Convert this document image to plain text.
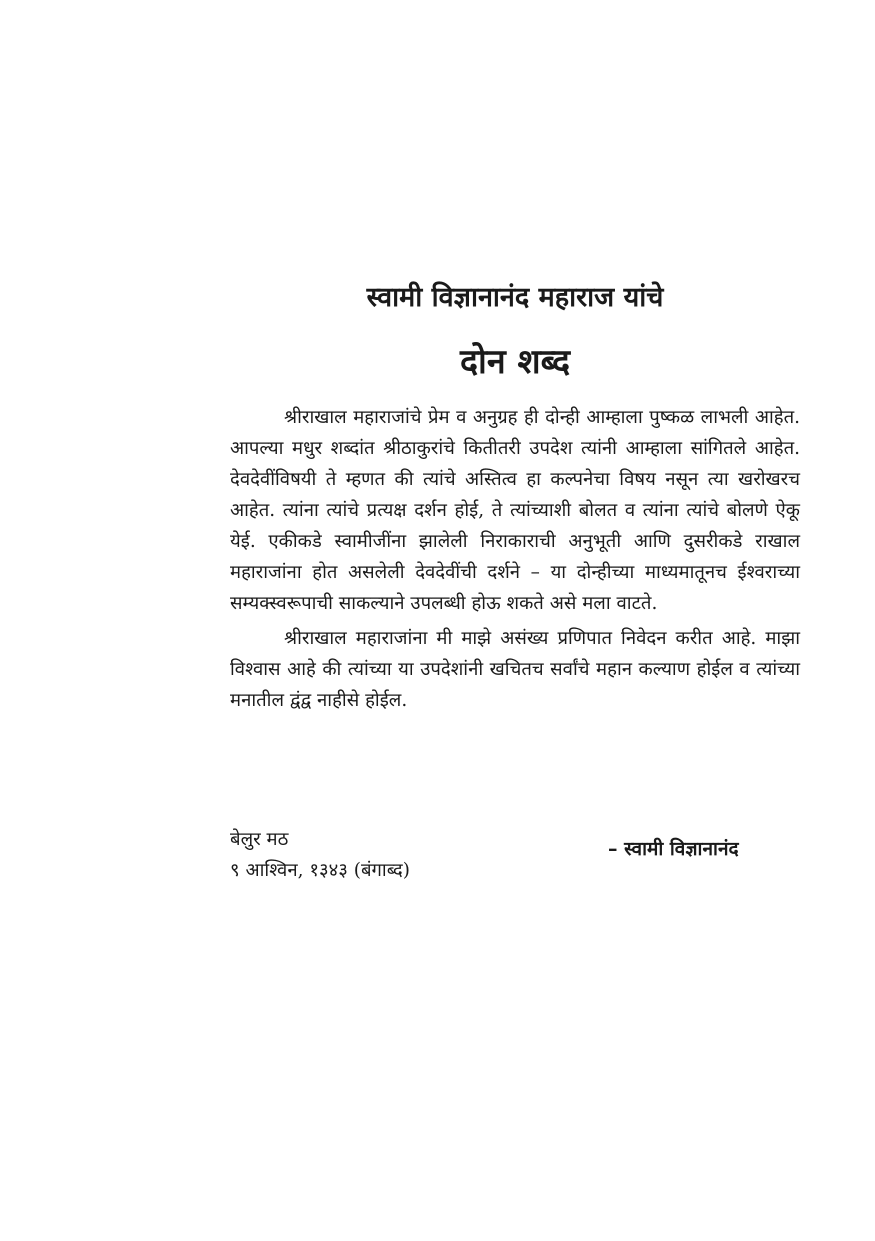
स्वामी विज्ञानानंद महाराज यांचे
दोन शब्द

श्रीराखाल महाराजांचे प्रेम व अनुग्रह ही दोन्ही आम्हाला पुष्कळ लाभली आहेत. आपल्या मधुर शब्दांत श्रीठाकुरांचे कितीतरी उपदेश त्यांनी आम्हाला सांगितले आहेत. देवदेवींविषयी ते म्हणत की त्यांचे अस्तित्व हा कल्पनेचा विषय नसून त्या खरोखरच आहेत. त्यांना त्यांचे प्रत्यक्ष दर्शन होई, ते त्यांच्याशी बोलत व त्यांना त्यांचे बोलणे ऐकू येई. एकीकडे स्वामीजींना झालेली निराकाराची अनुभूती आणि दुसरीकडे राखाल महाराजांना होत असलेली देवदेवींची दर्शने – या दोन्हीच्या माध्यमातूनच ईश्वराच्या सम्यक्स्वरूपाची साकल्याने उपलब्धी होऊ शकते असे मला वाटते.

श्रीराखाल महाराजांना मी माझे असंख्य प्रणिपात निवेदन करीत आहे. माझा विश्वास आहे की त्यांच्या या उपदेशांनी खचितच सर्वांचे महान कल्याण होईल व त्यांच्या मनातील द्वंद्व नाहीसे होईल.

बेलुर मठ
९ आश्विन, १३४३ (बंगाब्द)
– स्वामी विज्ञानानंद
